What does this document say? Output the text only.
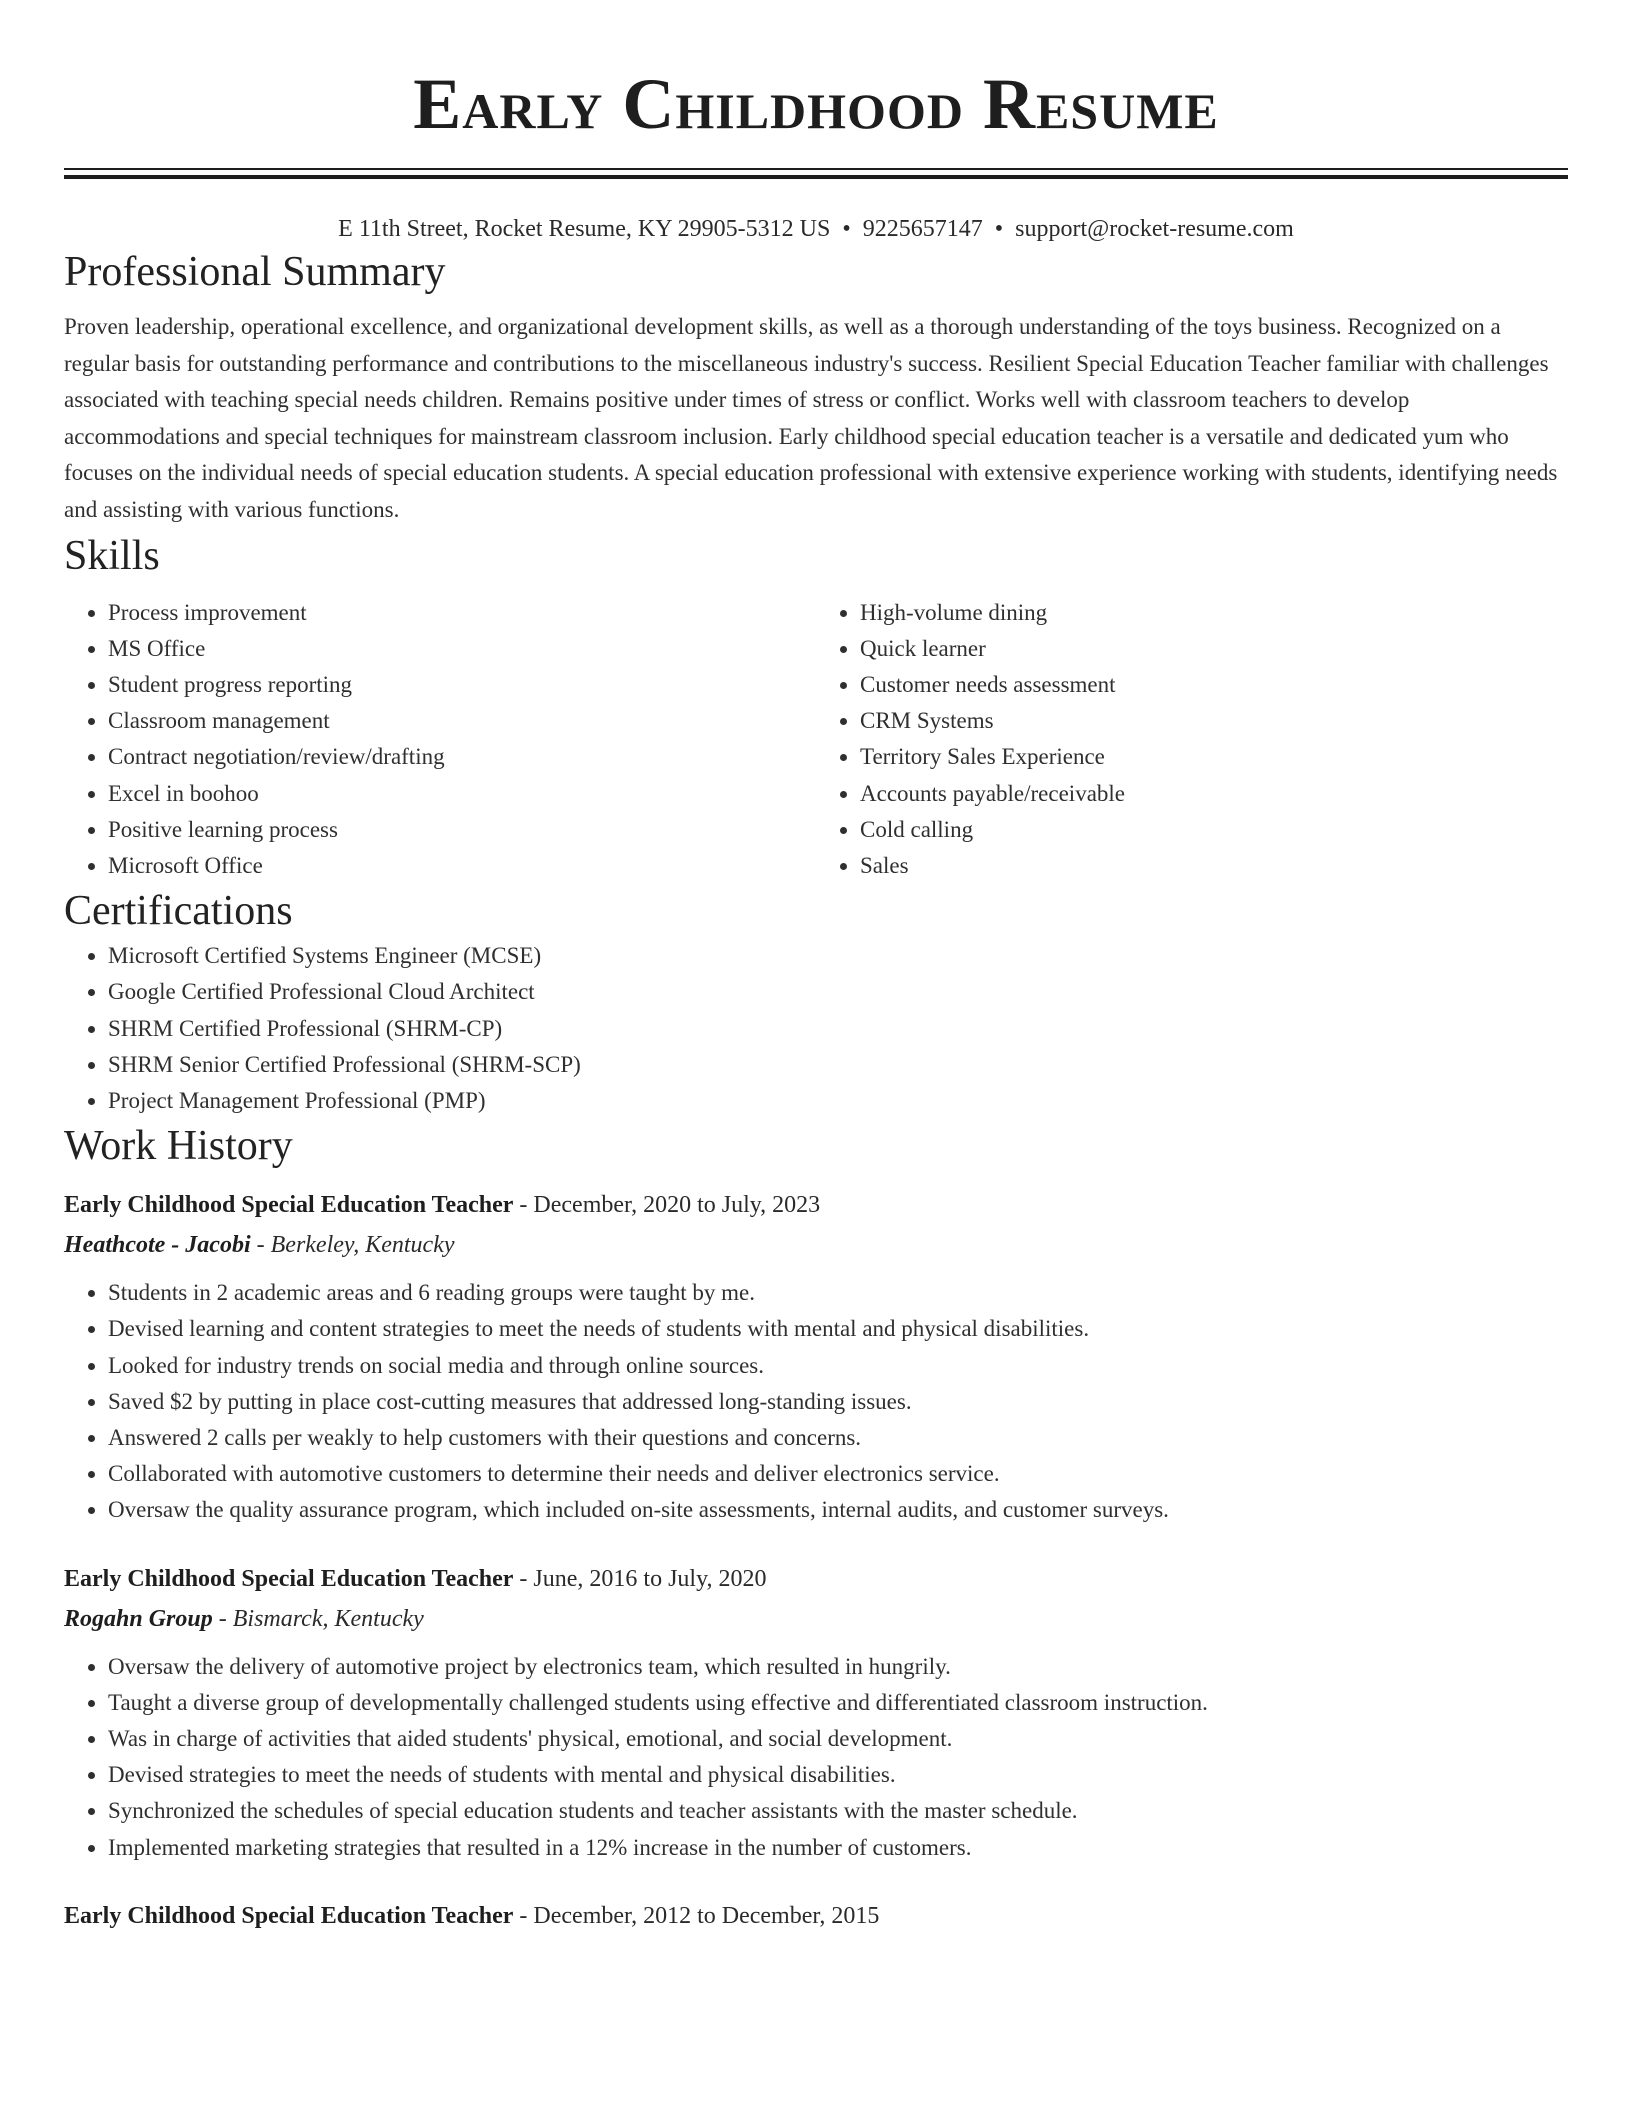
Early Childhood Resume
E 11th Street, Rocket Resume, KY 29905-5312 US • 9225657147 • support@rocket-resume.com
Professional Summary
Proven leadership, operational excellence, and organizational development skills, as well as a thorough understanding of the toys business. Recognized on a regular basis for outstanding performance and contributions to the miscellaneous industry's success. Resilient Special Education Teacher familiar with challenges associated with teaching special needs children. Remains positive under times of stress or conflict. Works well with classroom teachers to develop accommodations and special techniques for mainstream classroom inclusion. Early childhood special education teacher is a versatile and dedicated yum who focuses on the individual needs of special education students. A special education professional with extensive experience working with students, identifying needs and assisting with various functions.
Skills
• Process improvement
• MS Office
• Student progress reporting
• Classroom management
• Contract negotiation/review/drafting
• Excel in boohoo
• Positive learning process
• Microsoft Office
• High-volume dining
• Quick learner
• Customer needs assessment
• CRM Systems
• Territory Sales Experience
• Accounts payable/receivable
• Cold calling
• Sales
Certifications
• Microsoft Certified Systems Engineer (MCSE)
• Google Certified Professional Cloud Architect
• SHRM Certified Professional (SHRM-CP)
• SHRM Senior Certified Professional (SHRM-SCP)
• Project Management Professional (PMP)
Work History
Early Childhood Special Education Teacher - December, 2020 to July, 2023
Heathcote - Jacobi - Berkeley, Kentucky
• Students in 2 academic areas and 6 reading groups were taught by me.
• Devised learning and content strategies to meet the needs of students with mental and physical disabilities.
• Looked for industry trends on social media and through online sources.
• Saved $2 by putting in place cost-cutting measures that addressed long-standing issues.
• Answered 2 calls per weakly to help customers with their questions and concerns.
• Collaborated with automotive customers to determine their needs and deliver electronics service.
• Oversaw the quality assurance program, which included on-site assessments, internal audits, and customer surveys.
Early Childhood Special Education Teacher - June, 2016 to July, 2020
Rogahn Group - Bismarck, Kentucky
• Oversaw the delivery of automotive project by electronics team, which resulted in hungrily.
• Taught a diverse group of developmentally challenged students using effective and differentiated classroom instruction.
• Was in charge of activities that aided students' physical, emotional, and social development.
• Devised strategies to meet the needs of students with mental and physical disabilities.
• Synchronized the schedules of special education students and teacher assistants with the master schedule.
• Implemented marketing strategies that resulted in a 12% increase in the number of customers.
Early Childhood Special Education Teacher - December, 2012 to December, 2015
